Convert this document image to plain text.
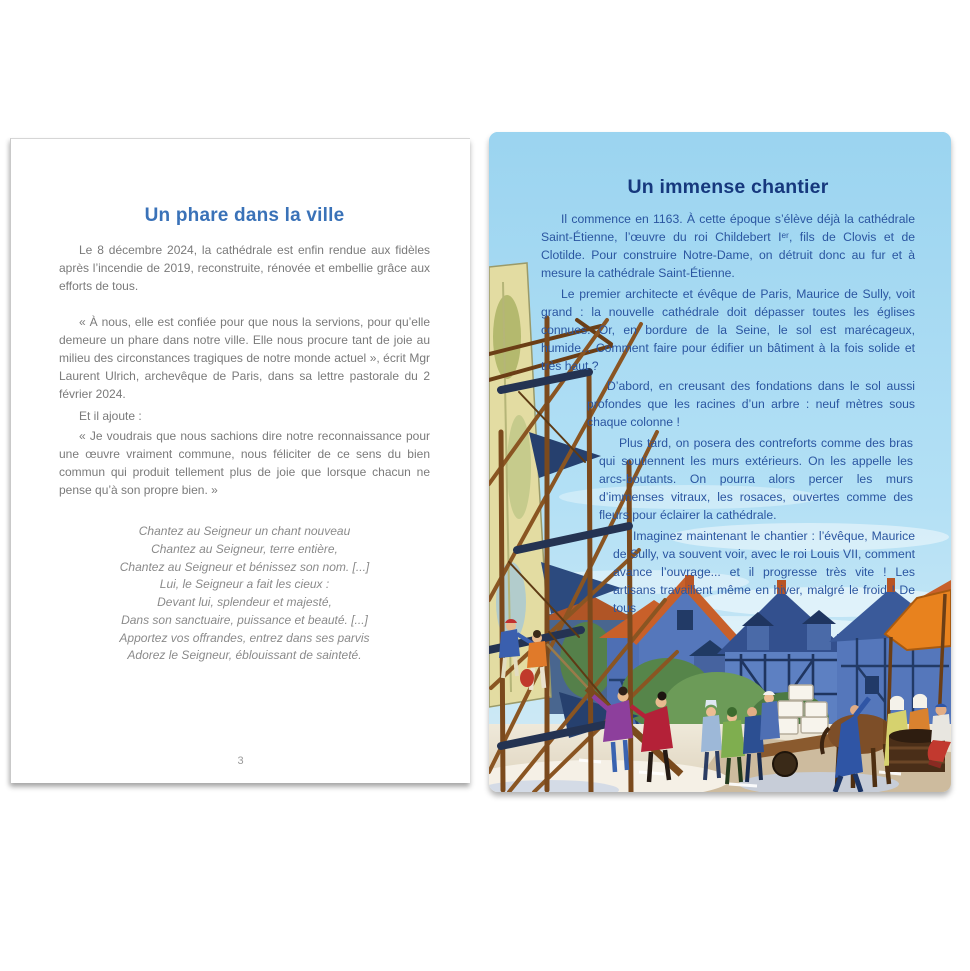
Un phare dans la ville

Le 8 décembre 2024, la cathédrale est enfin rendue aux fidèles après l’incendie de 2019, reconstruite, rénovée et embellie grâce aux efforts de tous.

« À nous, elle est confiée pour que nous la servions, pour qu’elle demeure un phare dans notre ville. Elle nous procure tant de joie au milieu des circonstances tragiques de notre monde actuel », écrit Mgr Laurent Ulrich, archevêque de Paris, dans sa lettre pastorale du 2 février 2024.

Et il ajoute :

« Je voudrais que nous sachions dire notre reconnaissance pour une œuvre vraiment commune, nous féliciter de ce sens du bien commun qui produit tellement plus de joie que lorsque chacun ne pense qu’à son propre bien. »

Chantez au Seigneur un chant nouveau
Chantez au Seigneur, terre entière,
Chantez au Seigneur et bénissez son nom. [...]
Lui, le Seigneur a fait les cieux :
Devant lui, splendeur et majesté,
Dans son sanctuaire, puissance et beauté. [...]
Apportez vos offrandes, entrez dans ses parvis
Adorez le Seigneur, éblouissant de sainteté.
3
Un immense chantier

Il commence en 1163. À cette époque s’élève déjà la cathédrale Saint-Étienne, l’œuvre du roi Childebert Iᵉʳ, fils de Clovis et de Clotilde. Pour construire Notre-Dame, on détruit donc au fur et à mesure la cathédrale Saint-Étienne.

Le premier architecte et évêque de Paris, Maurice de Sully, voit grand : la nouvelle cathédrale doit dépasser toutes les églises connues. Or, en bordure de la Seine, le sol est marécageux, humide... Comment faire pour édifier un bâtiment à la fois solide et très haut ?

D’abord, en creusant des fondations dans le sol aussi profondes que les racines d’un arbre : neuf mètres sous chaque colonne !

Plus tard, on posera des contreforts comme des bras qui soutiennent les murs extérieurs. On les appelle les arcs-boutants. On pourra alors percer les murs d’immenses vitraux, les rosaces, ouvertes comme des fleurs pour éclairer la cathédrale.

Imaginez maintenant le chantier : l’évêque, Maurice de Sully, va souvent voir, avec le roi Louis VII, comment avance l’ouvrage... et il progresse très vite ! Les artisans travaillent même en hiver, malgré le froid ! De tous
